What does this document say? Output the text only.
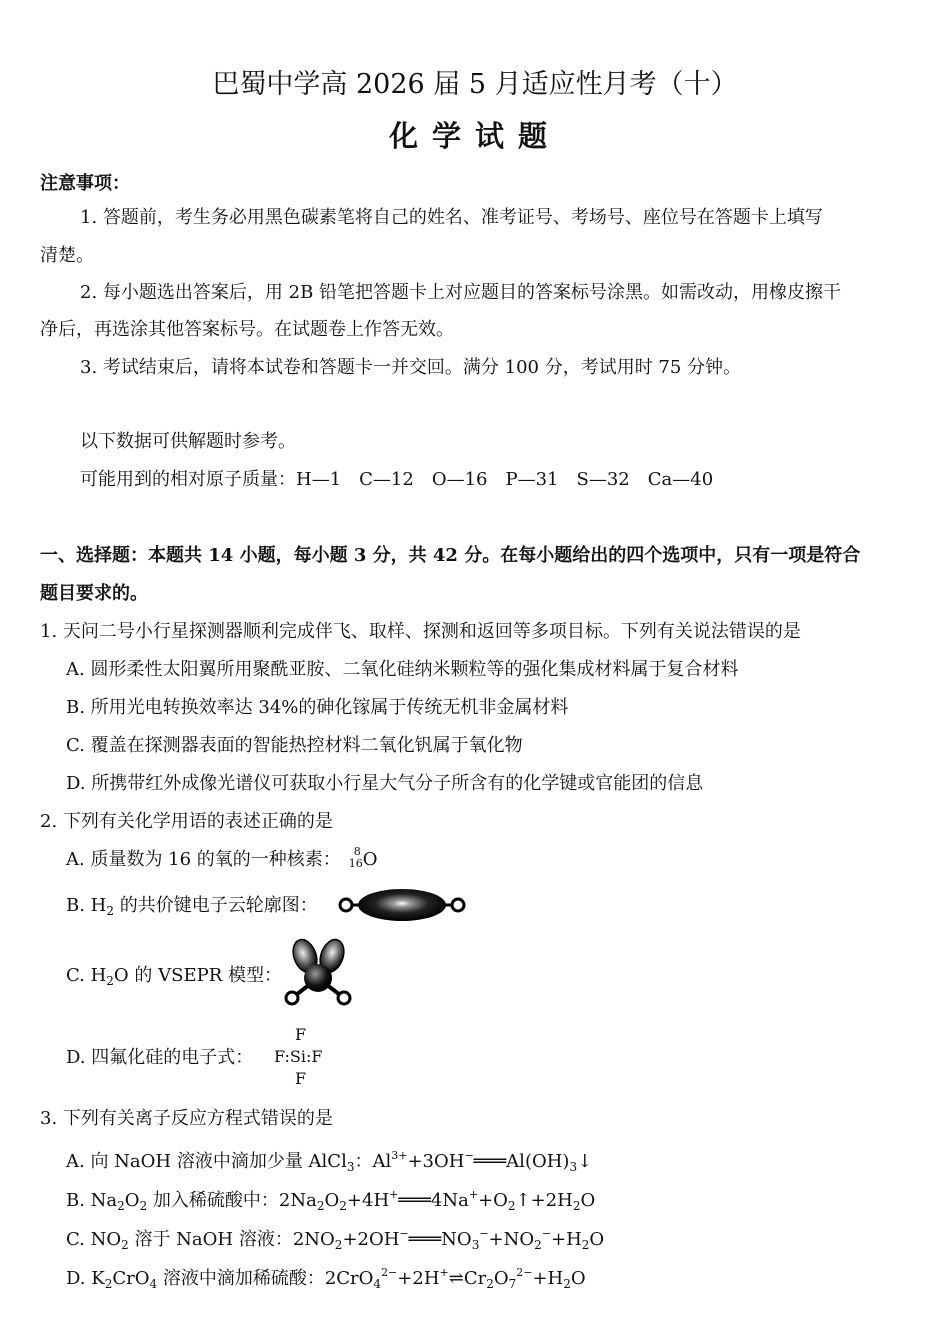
巴蜀中学高 2026 届 5 月适应性月考（十）
化学试题
注意事项：
1. 答题前，考生务必用黑色碳素笔将自己的姓名、准考证号、考场号、座位号在答题卡上填写
清楚。
2. 每小题选出答案后，用 2B 铅笔把答题卡上对应题目的答案标号涂黑。如需改动，用橡皮擦干
净后，再选涂其他答案标号。在试题卷上作答无效。
3. 考试结束后，请将本试卷和答题卡一并交回。满分 100 分，考试用时 75 分钟。
以下数据可供解题时参考。
可能用到的相对原子质量：H—1　C—12　O—16　P—31　S—32　Ca—40
一、选择题：本题共 14 小题，每小题 3 分，共 42 分。在每小题给出的四个选项中，只有一项是符合
题目要求的。
1. 天问二号小行星探测器顺利完成伴飞、取样、探测和返回等多项目标。下列有关说法错误的是
A. 圆形柔性太阳翼所用聚酰亚胺、二氧化硅纳米颗粒等的强化集成材料属于复合材料
B. 所用光电转换效率达 34%的砷化镓属于传统无机非金属材料
C. 覆盖在探测器表面的智能热控材料二氧化钒属于氧化物
D. 所携带红外成像光谱仪可获取小行星大气分子所含有的化学键或官能团的信息
2. 下列有关化学用语的表述正确的是
A. 质量数为 16 的氧的一种核素： 8
16 O
B. $H_2$ 的共价键电子云轮廓图：
C. $H_2O$ 的 VSEPR 模型：
D. 四氟化硅的电子式：
F
F:Si:F
F
3. 下列有关离子反应方程式错误的是
A. 向 NaOH 溶液中滴加少量 AlCl$_3$：$Al^{3+}+3OH^-═══Al(OH)_3↓$
B. $Na_2O_2$ 加入稀硫酸中：$2Na_2O_2+4H^+═══4Na^++O_2↑+2H_2O$
C. $NO_2$ 溶于 NaOH 溶液：$2NO_2+2OH^-═══NO_3^-+NO_2^-+H_2O$
D. $K_2CrO_4$ 溶液中滴加稀硫酸：$2CrO_4^{2-}+2H^+\rightleftharpoons Cr_2O_7^{2-}+H_2O$
